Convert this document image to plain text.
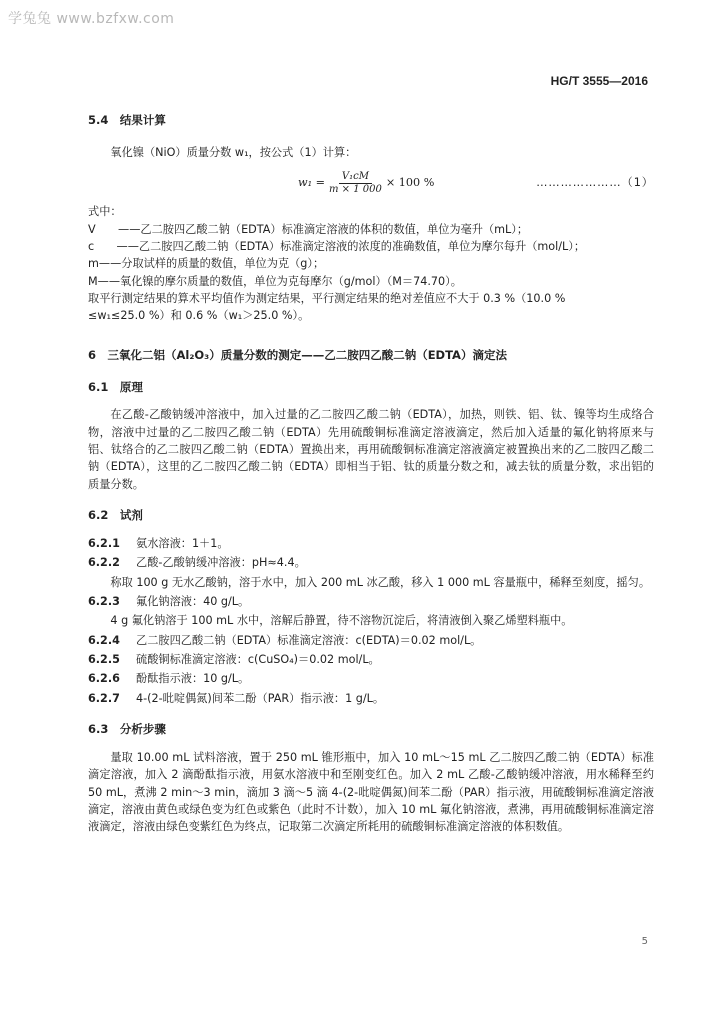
学兔兔 www.bzfxw.com
HG/T 3555—2016
5.4　结果计算

氧化镍（NiO）质量分数 w₁，按公式（1）计算：

$w_1 = \frac{\text{V₁cM}}{m \times 1 000} \times 100$ %	…………………（1）

式中：

V　　——乙二胺四乙酸二钠（EDTA）标准滴定溶液的体积的数值，单位为毫升（mL）；

c　　——乙二胺四乙酸二钠（EDTA）标准滴定溶液的浓度的准确数值，单位为摩尔每升（mol/L）；

m——分取试样的质量的数值，单位为克（g）；

M——氧化镍的摩尔质量的数值，单位为克每摩尔（g/mol）（M＝74.70）。

取平行测定结果的算术平均值作为测定结果，平行测定结果的绝对差值应不大于 0.3 %（10.0 %

≤w₁≤25.0 %）和 0.6 %（w₁＞25.0 %）。

6　三氧化二铝（Al₂O₃）质量分数的测定——乙二胺四乙酸二钠（EDTA）滴定法
6.1　原理

在乙酸-乙酸钠缓冲溶液中，加入过量的乙二胺四乙酸二钠（EDTA），加热，则铁、铝、钛、镍等均生成络合物，溶液中过量的乙二胺四乙酸二钠（EDTA）先用硫酸铜标准滴定溶液滴定，然后加入适量的氟化钠将原来与铝、钛络合的乙二胺四乙酸二钠（EDTA）置换出来，再用硫酸铜标准滴定溶液滴定被置换出来的乙二胺四乙酸二钠（EDTA），这里的乙二胺四乙酸二钠（EDTA）即相当于铝、钛的质量分数之和，减去钛的质量分数，求出铝的质量分数。

6.2　试剂
6.2.1	氨水溶液：1＋1。
6.2.2	乙酸-乙酸钠缓冲溶液：pH≈4.4。

称取 100 g 无水乙酸钠，溶于水中，加入 200 mL 冰乙酸，移入 1 000 mL 容量瓶中，稀释至刻度，摇匀。

6.2.3	氟化钠溶液：40 g/L。

4 g 氟化钠溶于 100 mL 水中，溶解后静置，待不溶物沉淀后，将清液倒入聚乙烯塑料瓶中。

6.2.4	乙二胺四乙酸二钠（EDTA）标准滴定溶液：c(EDTA)＝0.02 mol/L。
6.2.5	硫酸铜标准滴定溶液：c(CuSO₄)＝0.02 mol/L。
6.2.6	酚酞指示液：10 g/L。
6.2.7	4-(2-吡啶偶氮)间苯二酚（PAR）指示液：1 g/L。
6.3　分析步骤

量取 10.00 mL 试料溶液，置于 250 mL 锥形瓶中，加入 10 mL～15 mL 乙二胺四乙酸二钠（EDTA）标准滴定溶液，加入 2 滴酚酞指示液，用氨水溶液中和至刚变红色。加入 2 mL 乙酸-乙酸钠缓冲溶液，用水稀释至约 50 mL，煮沸 2 min～3 min，滴加 3 滴～5 滴 4-(2-吡啶偶氮)间苯二酚（PAR）指示液，用硫酸铜标准滴定溶液滴定，溶液由黄色或绿色变为红色或紫色（此时不计数），加入 10 mL 氟化钠溶液，煮沸，再用硫酸铜标准滴定溶液滴定，溶液由绿色变紫红色为终点，记取第二次滴定所耗用的硫酸铜标准滴定溶液的体积数值。

5
